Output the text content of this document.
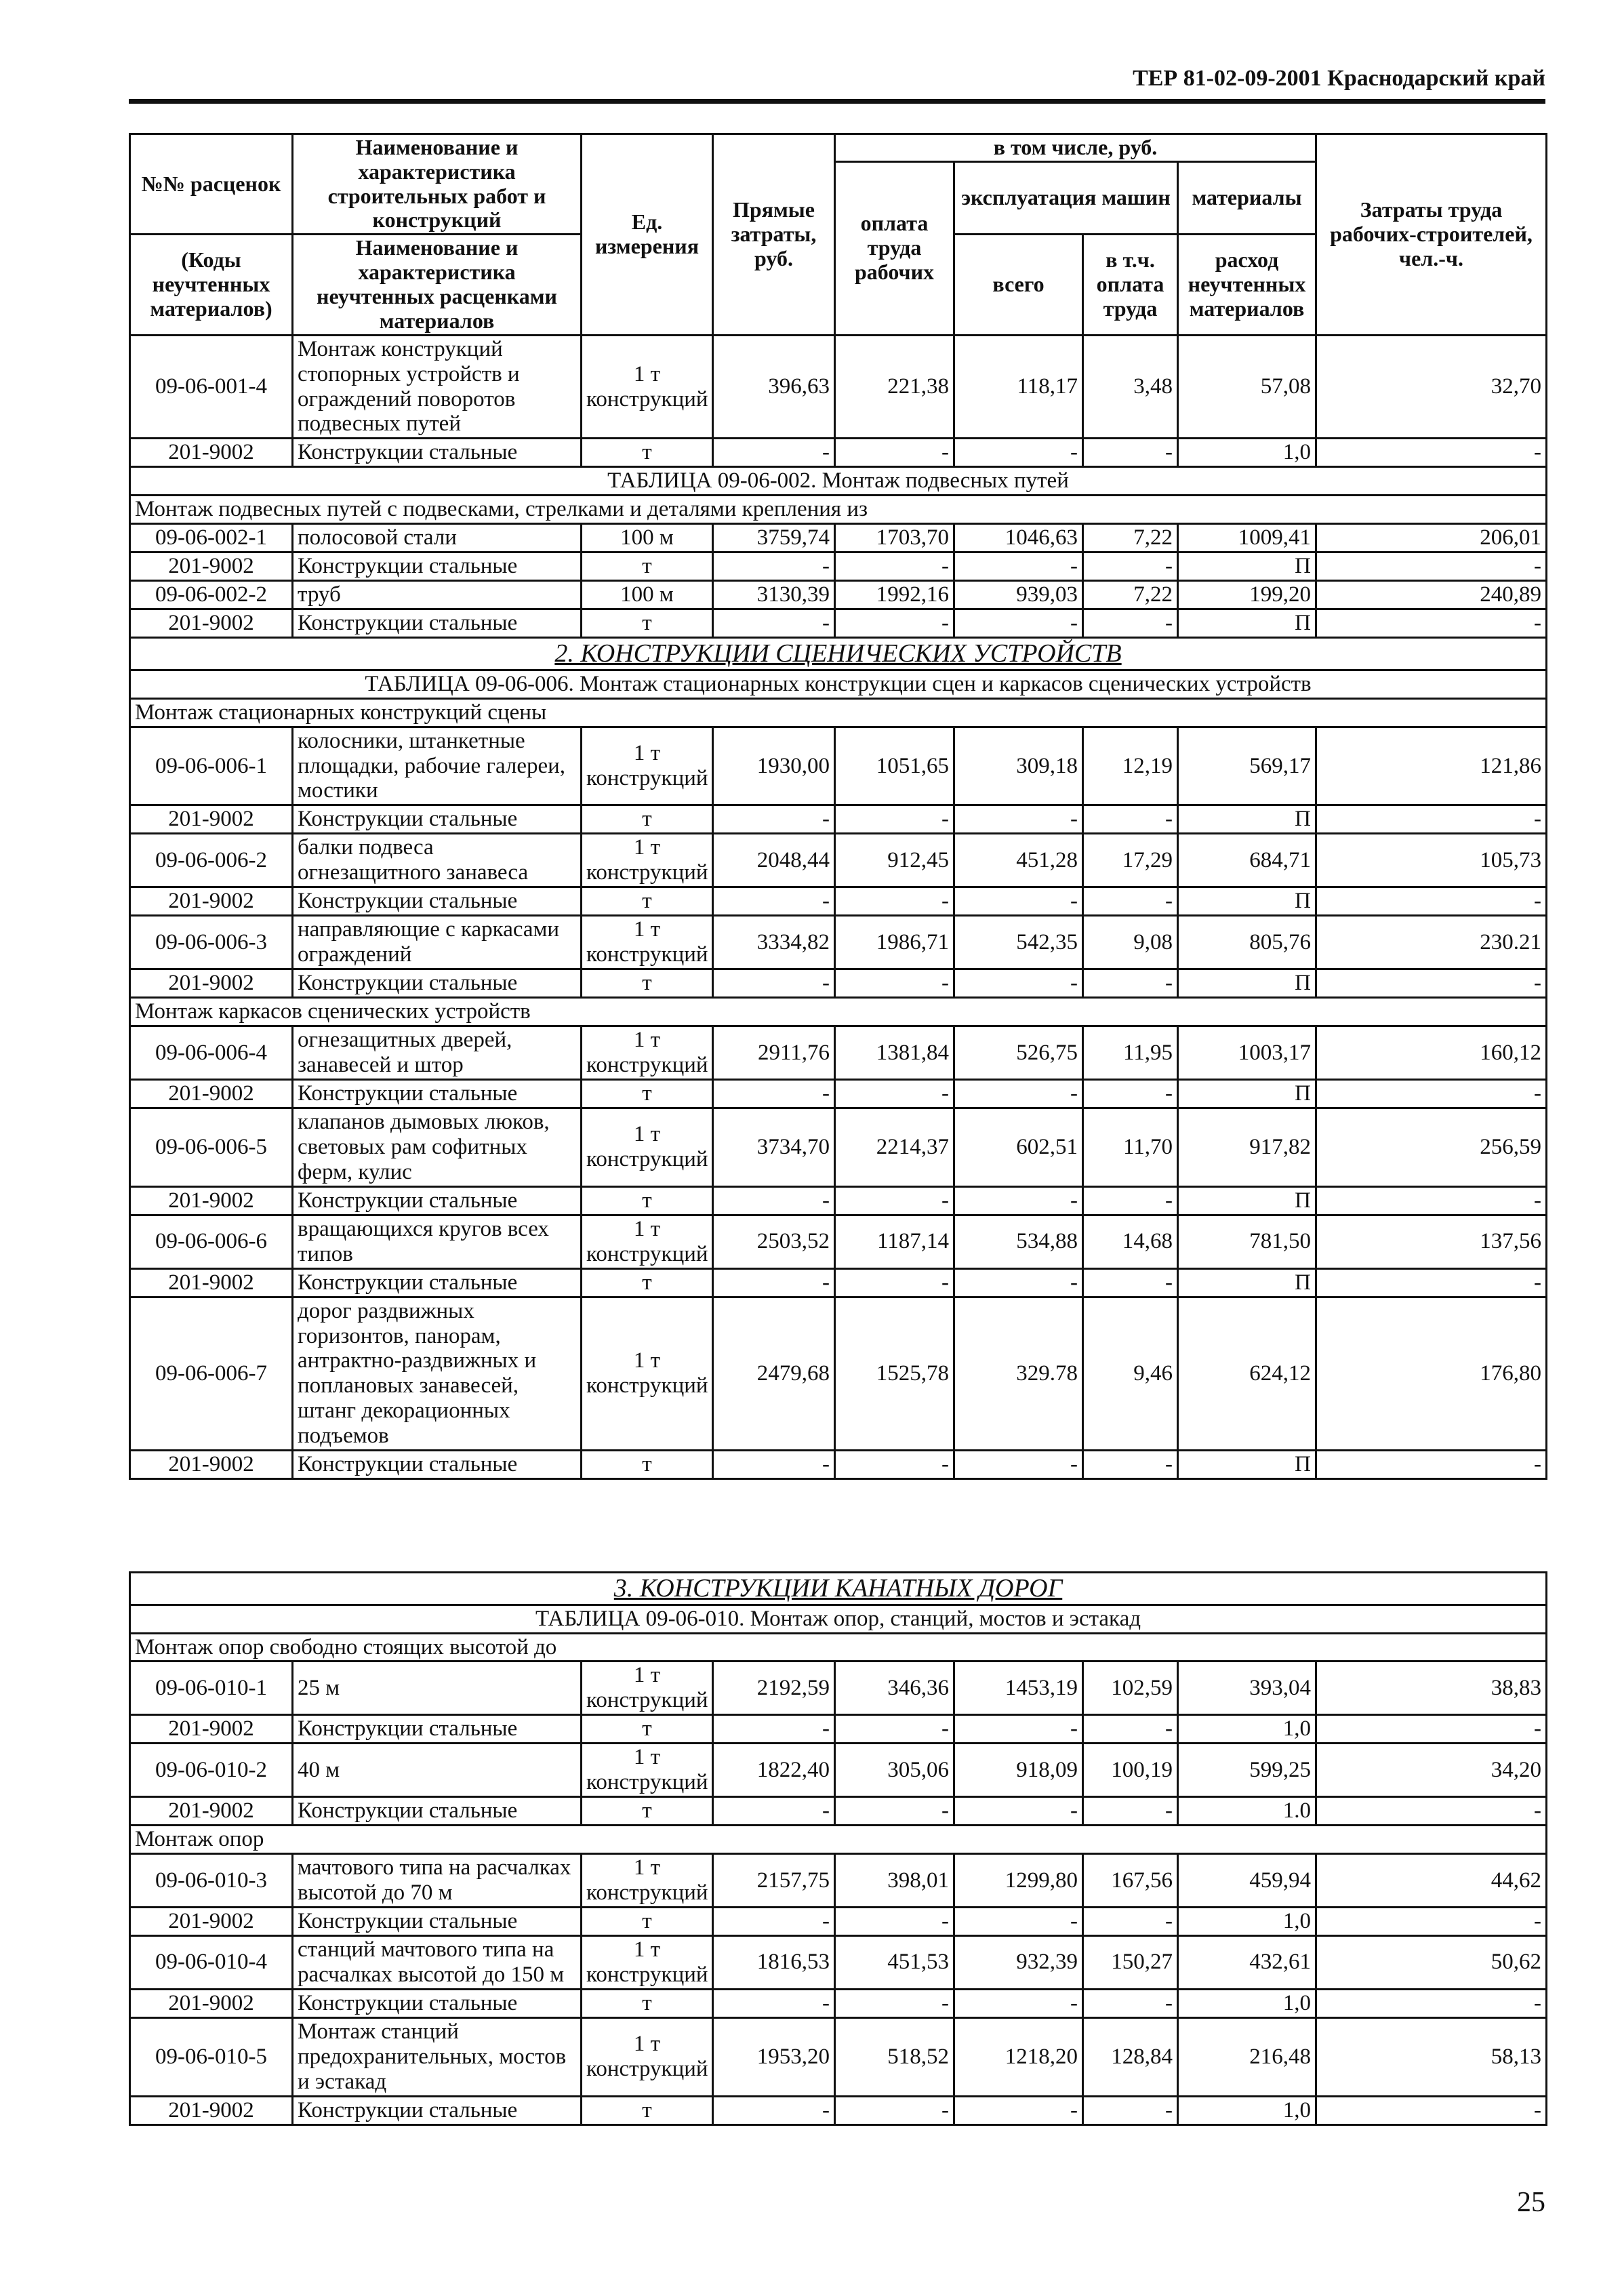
ТЕР 81-02-09-2001 Краснодарский край
№№ расценок	Наименование и характеристика строительных работ и конструкций	Ед. измерения	Прямые затраты, руб.	в том числе, руб.				Затраты труда рабочих-строителей, чел.-ч.
				оплата труда рабочих	эксплуатация машин		материалы	

(Коды неучтенных материалов)	Наименование и характеристика неучтенных расценками материалов				всего	в т.ч. оплата труда	расход неучтенных материалов	

09-06-001-4	Монтаж конструкций стопорных устройств и ограждений поворотов подвесных путей	1 т конструкций	396,63	221,38	118,17	3,48	57,08	32,70
201-9002	Конструкции стальные	т	-	-	-	-	1,0	-
ТАБЛИЦА 09-06-002. Монтаж подвесных путей								
Монтаж подвесных путей с подвесками, стрелками и деталями крепления из								
09-06-002-1	полосовой стали	100 м	3759,74	1703,70	1046,63	7,22	1009,41	206,01
201-9002	Конструкции стальные	т	-	-	-	-	П	-
09-06-002-2	труб	100 м	3130,39	1992,16	939,03	7,22	199,20	240,89
201-9002	Конструкции стальные	т	-	-	-	-	П	-
2. КОНСТРУКЦИИ СЦЕНИЧЕСКИХ УСТРОЙСТВ								
ТАБЛИЦА 09-06-006. Монтаж стационарных конструкции сцен и каркасов сценических устройств								
Монтаж стационарных конструкций сцены								
09-06-006-1	колосники, штанкетные площадки, рабочие галереи, мостики	1 т конструкций	1930,00	1051,65	309,18	12,19	569,17	121,86
201-9002	Конструкции стальные	т	-	-	-	-	П	-
09-06-006-2	балки подвеса огнезащитного занавеса	1 т конструкций	2048,44	912,45	451,28	17,29	684,71	105,73
201-9002	Конструкции стальные	т	-	-	-	-	П	-
09-06-006-3	направляющие с каркасами ограждений	1 т конструкций	3334,82	1986,71	542,35	9,08	805,76	230.21
201-9002	Конструкции стальные	т	-	-	-	-	П	-
Монтаж каркасов сценических устройств								
09-06-006-4	огнезащитных дверей, занавесей и штор	1 т конструкций	2911,76	1381,84	526,75	11,95	1003,17	160,12
201-9002	Конструкции стальные	т	-	-	-	-	П	-
09-06-006-5	клапанов дымовых люков, световых рам софитных ферм, кулис	1 т конструкций	3734,70	2214,37	602,51	11,70	917,82	256,59
201-9002	Конструкции стальные	т	-	-	-	-	П	-
09-06-006-6	вращающихся кругов всех типов	1 т конструкций	2503,52	1187,14	534,88	14,68	781,50	137,56
201-9002	Конструкции стальные	т	-	-	-	-	П	-
09-06-006-7	дорог раздвижных горизонтов, панорам, антрактно-раздвижных и поплановых занавесей, штанг декорационных подъемов	1 т конструкций	2479,68	1525,78	329.78	9,46	624,12	176,80
201-9002	Конструкции стальные	т	-	-	-	-	П	-
3. КОНСТРУКЦИИ КАНАТНЫХ ДОРОГ								
ТАБЛИЦА 09-06-010. Монтаж опор, станций, мостов и эстакад								
Монтаж опор свободно стоящих высотой до								
09-06-010-1	25 м	1 т конструкций	2192,59	346,36	1453,19	102,59	393,04	38,83
201-9002	Конструкции стальные	т	-	-	-	-	1,0	-
09-06-010-2	40 м	1 т конструкций	1822,40	305,06	918,09	100,19	599,25	34,20
201-9002	Конструкции стальные	т	-	-	-	-	1.0	-
Монтаж опор								
09-06-010-3	мачтового типа на расчалках высотой до 70 м	1 т конструкций	2157,75	398,01	1299,80	167,56	459,94	44,62
201-9002	Конструкции стальные	т	-	-	-	-	1,0	-
09-06-010-4	станций мачтового типа на расчалках высотой до 150 м	1 т конструкций	1816,53	451,53	932,39	150,27	432,61	50,62
201-9002	Конструкции стальные	т	-	-	-	-	1,0	-
09-06-010-5	Монтаж станций предохранительных, мостов и эстакад	1 т конструкций	1953,20	518,52	1218,20	128,84	216,48	58,13
201-9002	Конструкции стальные	т	-	-	-	-	1,0	-
25
